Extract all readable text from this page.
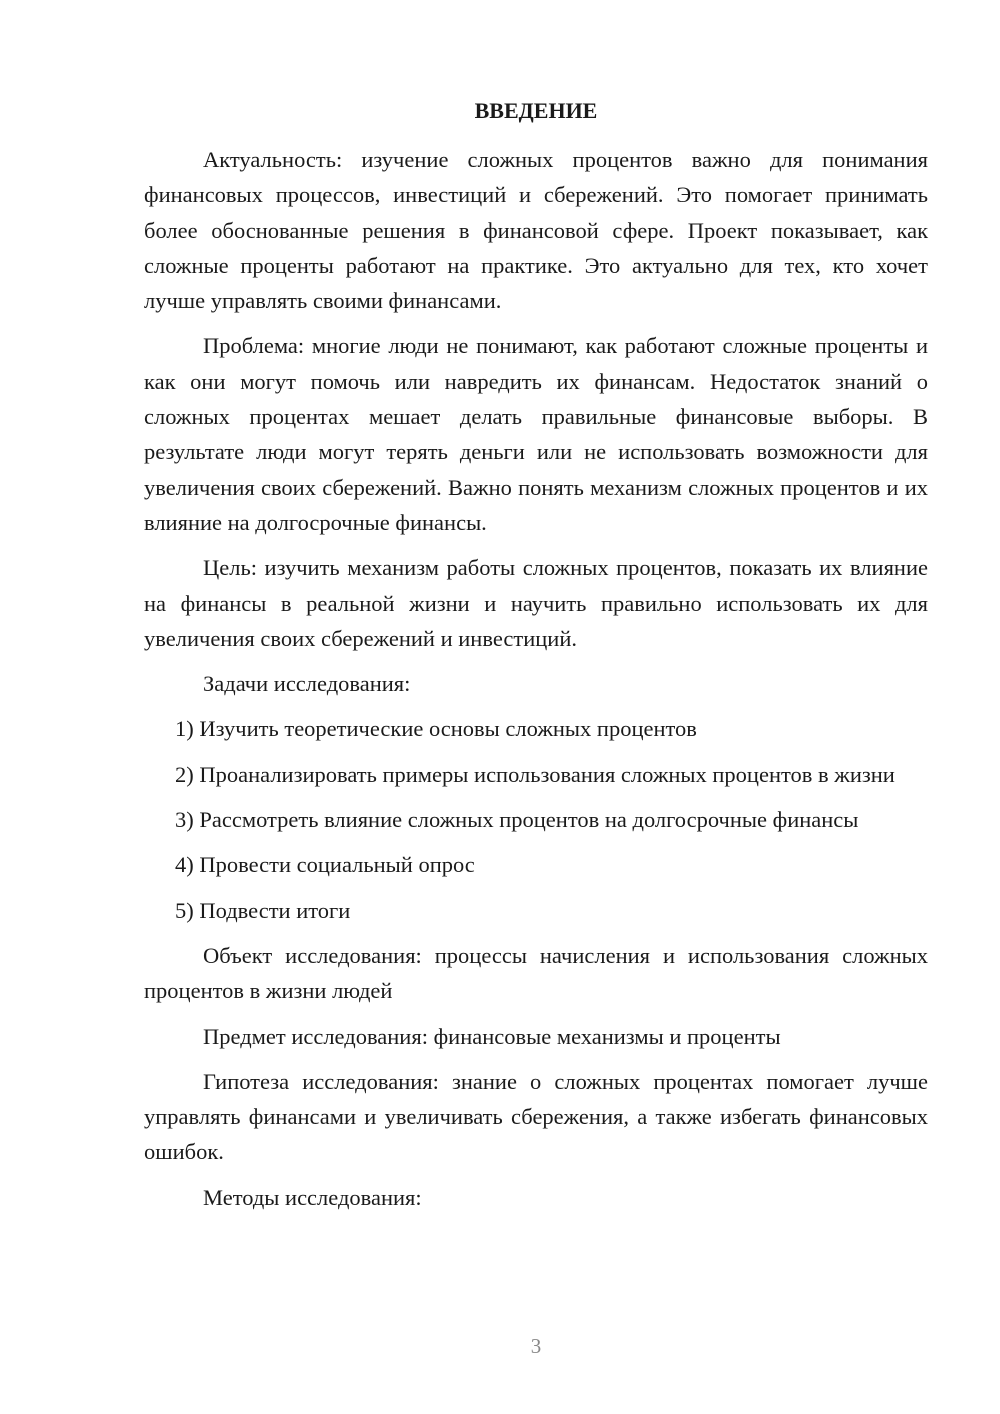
ВВЕДЕНИЕ

Актуальность: изучение сложных процентов важно для понимания финансовых процессов, инвестиций и сбережений. Это помогает принимать более обоснованные решения в финансовой сфере. Проект показывает, как сложные проценты работают на практике. Это актуально для тех, кто хочет лучше управлять своими финансами.

Проблема: многие люди не понимают, как работают сложные проценты и как они могут помочь или навредить их финансам. Недостаток знаний о сложных процентах мешает делать правильные финансовые выборы. В результате люди могут терять деньги или не использовать возможности для увеличения своих сбережений. Важно понять механизм сложных процентов и их влияние на долгосрочные финансы.

Цель: изучить механизм работы сложных процентов, показать их влияние на финансы в реальной жизни и научить правильно использовать их для увеличения своих сбережений и инвестиций.

Задачи исследования:

1) Изучить теоретические основы сложных процентов

2) Проанализировать примеры использования сложных процентов в жизни

3) Рассмотреть влияние сложных процентов на долгосрочные финансы

4) Провести социальный опрос

5) Подвести итоги

Объект исследования: процессы начисления и использования сложных процентов в жизни людей

Предмет исследования: финансовые механизмы и проценты

Гипотеза исследования: знание о сложных процентах помогает лучше управлять финансами и увеличивать сбережения, а также избегать финансовых ошибок.

Методы исследования:

3
